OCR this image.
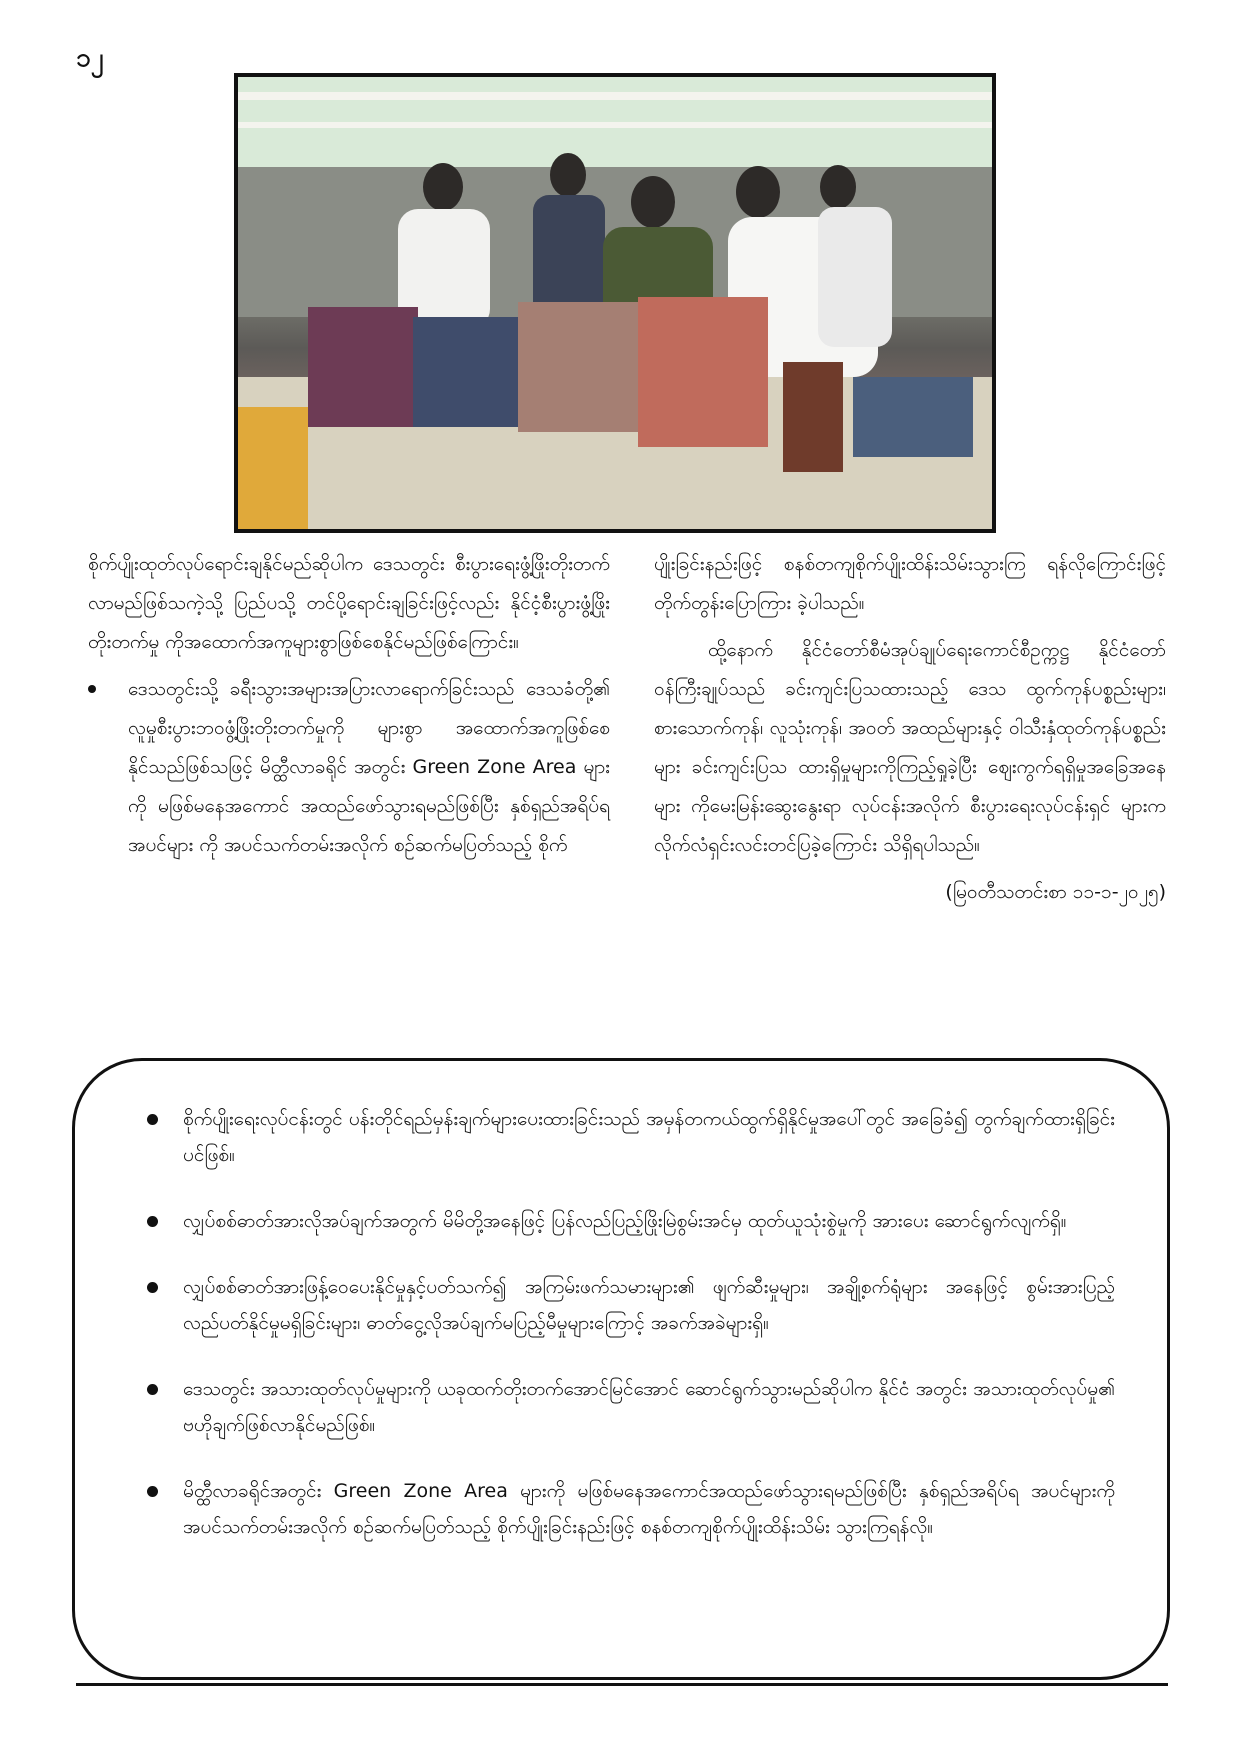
၁၂

စိုက်ပျိုးထုတ်လုပ်ရောင်းချနိုင်မည်ဆိုပါက ဒေသတွင်း စီးပွားရေးဖွံ့ဖြိုးတိုးတက်လာမည်ဖြစ်သကဲ့သို့ ပြည်ပသို့ တင်ပို့ရောင်းချခြင်းဖြင့်လည်း နိုင်ငံ့စီးပွားဖွံ့ဖြိုးတိုးတက်မှု ကိုအထောက်အကူများစွာဖြစ်စေနိုင်မည်ဖြစ်ကြောင်း။

ဒေသတွင်းသို့ ခရီးသွားအများအပြားလာရောက်ခြင်းသည် ဒေသခံတို့၏ လူမှုစီးပွားဘဝဖွံ့ဖြိုးတိုးတက်မှုကို များစွာ အထောက်အကူဖြစ်စေနိုင်သည်ဖြစ်သဖြင့် မိတ္ထီလာခရိုင် အတွင်း Green Zone Area များကို မဖြစ်မနေအကောင် အထည်ဖော်သွားရမည်ဖြစ်ပြီး နှစ်ရှည်အရိပ်ရအပင်များ ကို အပင်သက်တမ်းအလိုက် စဉ်ဆက်မပြတ်သည့် စိုက်

ပျိုးခြင်းနည်းဖြင့် စနစ်တကျစိုက်ပျိုးထိန်းသိမ်းသွားကြ ရန်လိုကြောင်းဖြင့် တိုက်တွန်းပြောကြား ခဲ့ပါသည်။

ထို့နောက် နိုင်ငံတော်စီမံအုပ်ချုပ်ရေးကောင်စီဥက္ကဋ္ဌ နိုင်ငံတော်ဝန်ကြီးချုပ်သည် ခင်းကျင်းပြသထားသည့် ဒေသ ထွက်ကုန်ပစ္စည်းများ၊ စားသောက်ကုန်၊ လူသုံးကုန်၊ အဝတ် အထည်များနှင့် ဝါသီးနှံထုတ်ကုန်ပစ္စည်းများ ခင်းကျင်းပြသ ထားရှိမှုများကိုကြည့်ရှုခဲ့ပြီး ဈေးကွက်ရရှိမှုအခြေအနေများ ကိုမေးမြန်းဆွေးနွေးရာ လုပ်ငန်းအလိုက် စီးပွားရေးလုပ်ငန်းရှင် များက လိုက်လံရှင်းလင်းတင်ပြခဲ့ကြောင်း သိရှိရပါသည်။

(မြဝတီသတင်းစာ ၁၁-၁-၂၀၂၅)

စိုက်ပျိုးရေးလုပ်ငန်းတွင် ပန်းတိုင်ရည်မှန်းချက်များပေးထားခြင်းသည် အမှန်တကယ်ထွက်ရှိနိုင်မှုအပေါ်တွင် အခြေခံ၍ တွက်ချက်ထားရှိခြင်းပင်ဖြစ်။
လျှပ်စစ်ဓာတ်အားလိုအပ်ချက်အတွက် မိမိတို့အနေဖြင့် ပြန်လည်ပြည့်ဖြိုးမြဲစွမ်းအင်မှ ထုတ်ယူသုံးစွဲမှုကို အားပေး ဆောင်ရွက်လျက်ရှိ။
လျှပ်စစ်ဓာတ်အားဖြန့်ဝေပေးနိုင်မှုနှင့်ပတ်သက်၍ အကြမ်းဖက်သမားများ၏ ဖျက်ဆီးမှုများ၊ အချို့စက်ရုံများ အနေဖြင့် စွမ်းအားပြည့်လည်ပတ်နိုင်မှုမရှိခြင်းများ၊ ဓာတ်ငွေ့လိုအပ်ချက်မပြည့်မီမှုများကြောင့် အခက်အခဲများရှိ။
ဒေသတွင်း အသားထုတ်လုပ်မှုများကို ယခုထက်တိုးတက်အောင်မြင်အောင် ဆောင်ရွက်သွားမည်ဆိုပါက နိုင်ငံ အတွင်း အသားထုတ်လုပ်မှု၏ ဗဟိုချက်ဖြစ်လာနိုင်မည်ဖြစ်။
မိတ္ထီလာခရိုင်အတွင်း Green Zone Area များကို မဖြစ်မနေအကောင်အထည်ဖော်သွားရမည်ဖြစ်ပြီး နှစ်ရှည်အရိပ်ရ အပင်များကို အပင်သက်တမ်းအလိုက် စဉ်ဆက်မပြတ်သည့် စိုက်ပျိုးခြင်းနည်းဖြင့် စနစ်တကျစိုက်ပျိုးထိန်းသိမ်း သွားကြရန်လို။
